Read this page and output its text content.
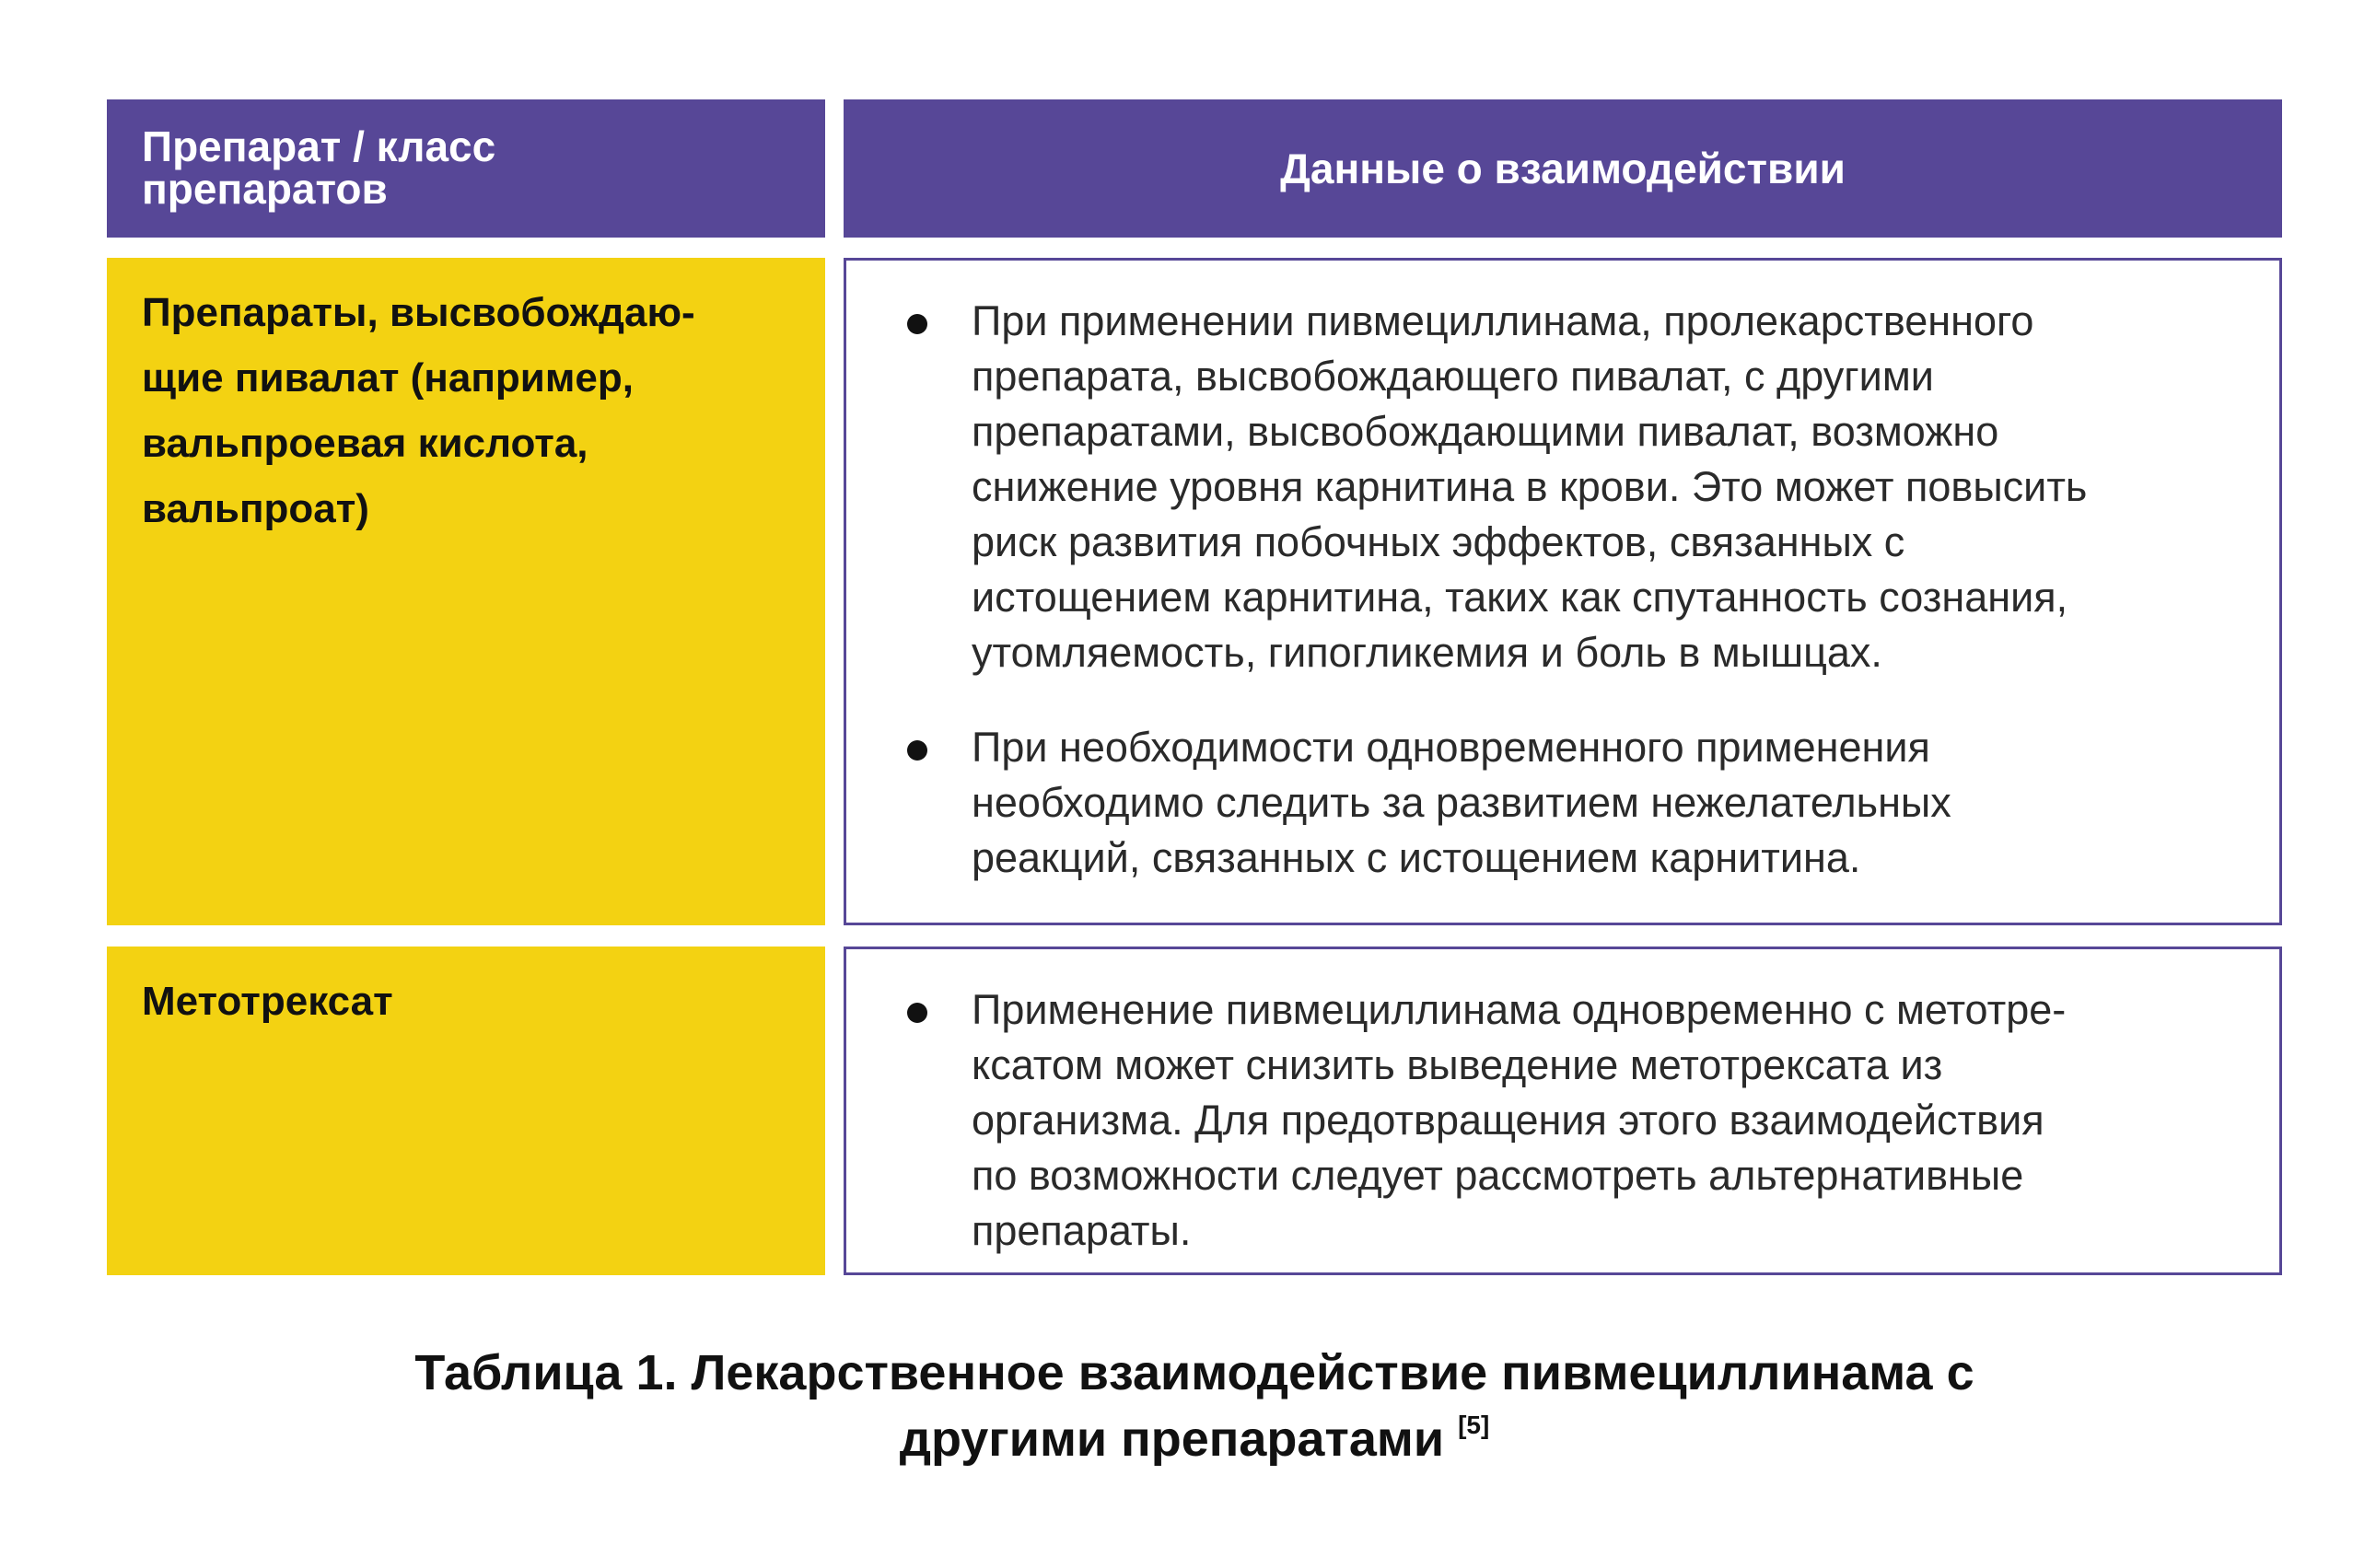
Препарат / класс
препаратов	Данные о взаимодействии
Препараты, высвобождаю-
щие пивалат (например,
вальпроевая кислота,
вальпроат)
При применении пивмециллинама, пролекарственного
препарата, высвобождающего пивалат, с другими
препаратами, высвобождающими пивалат, возможно
снижение уровня карнитина в крови. Это может повысить
риск развития побочных эффектов, связанных с
истощением карнитина, таких как спутанность сознания,
утомляемость, гипогликемия и боль в мышцах.
При необходимости одновременного применения
необходимо следить за развитием нежелательных
реакций, связанных с истощением карнитина.
Метотрексат	Применение пивмециллинама одновременно с метотре-
ксатом может снизить выведение метотрексата из
организма. Для предотвращения этого взаимодействия
по возможности следует рассмотреть альтернативные
препараты.
Таблица 1. Лекарственное взаимодействие пивмециллинама с
другими препаратами [5]
